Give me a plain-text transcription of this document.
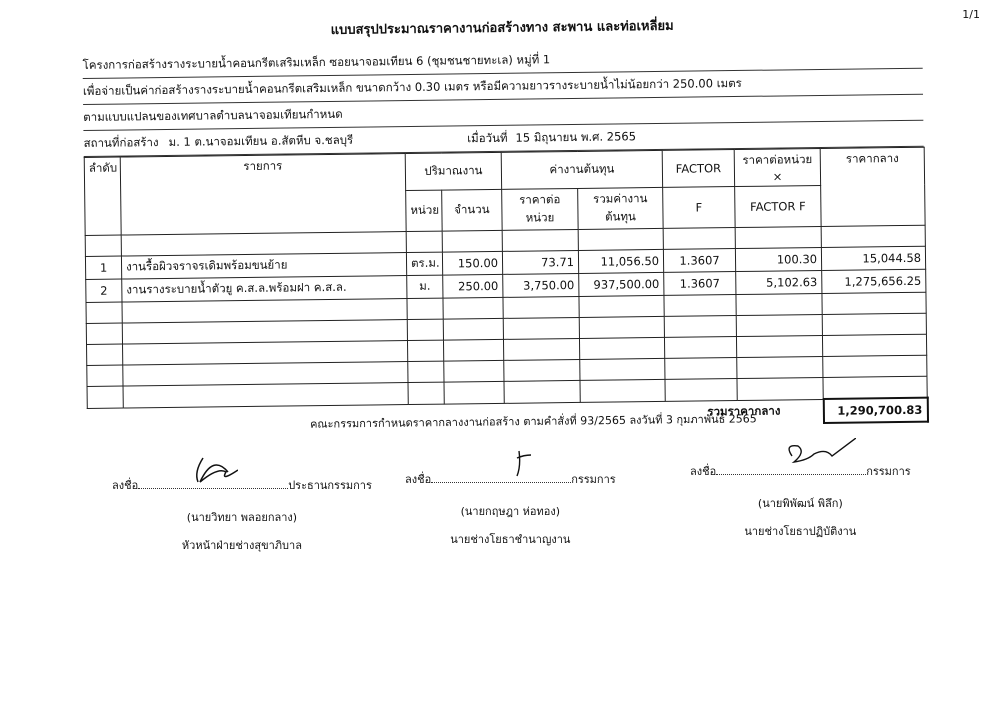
1/1
แบบสรุปประมาณราคางานก่อสร้างทาง สะพาน และท่อเหลี่ยม
โครงการก่อสร้างรางระบายน้ำคอนกรีตเสริมเหล็ก ซอยนาจอมเทียน 6 (ชุมชนชายทะเล) หมู่ที่ 1
เพื่อจ่ายเป็นค่าก่อสร้างรางระบายน้ำคอนกรีตเสริมเหล็ก ขนาดกว้าง 0.30 เมตร หรือมีความยาวรางระบายน้ำไม่น้อยกว่า 250.00 เมตร
ตามแบบแปลนของเทศบาลตำบลนาจอมเทียนกำหนด
สถานที่ก่อสร้าง ม. 1 ต.นาจอมเทียน อ.สัตหีบ จ.ชลบุรี	เมื่อวันที่ 15 มิถุนายน พ.ศ. 2565
ลำดับ	รายการ	ปริมาณงาน		ค่างานต้นทุน		FACTOR	ราคาต่อหน่วย ×	ราคากลาง
		หน่วย	จำนวน	ราคาต่อหน่วย	รวมค่างานต้นทุน	F	FACTOR F	

1	งานรื้อผิวจราจรเดิมพร้อมขนย้าย	ตร.ม.	150.00	73.71	11,056.50	1.3607	100.30	15,044.58
2	งานรางระบายน้ำตัวยู ค.ส.ล.พร้อมฝา ค.ส.ล.	ม.	250.00	3,750.00	937,500.00	1.3607	5,102.63	1,275,656.25

						รวมราคากลาง		1,290,700.83
คณะกรรมการกำหนดราคากลางงานก่อสร้าง ตามคำสั่งที่ 93/2565 ลงวันที่ 3 กุมภาพันธ์ 2565
ลงชื่อ	ประธานกรรมการ
(นายวิทยา พลอยกลาง)
หัวหน้าฝ่ายช่างสุขาภิบาล
ลงชื่อ	กรรมการ
(นายกฤษฎา ห่อทอง)
นายช่างโยธาชำนาญงาน
ลงชื่อ	กรรมการ
(นายพิพัฒน์ พิลึก)
นายช่างโยธาปฏิบัติงาน
